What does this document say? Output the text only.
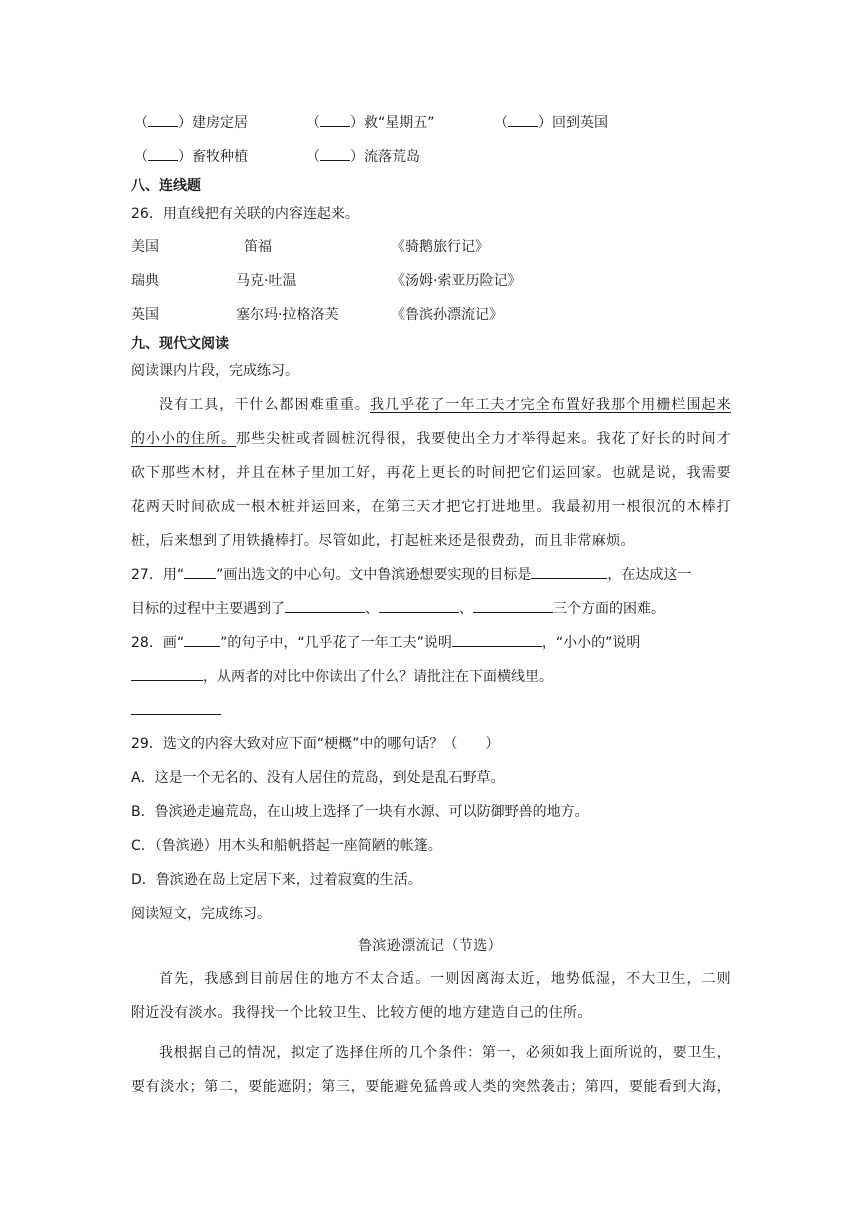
（ ）建房定居	（ ）救“星期五”	（ ）回到英国
（ ）畜牧种植	（ ）流落荒岛
八、连线题
26．用直线把有关联的内容连起来。
美国	笛福	《骑鹅旅行记》
瑞典	马克·吐温	《汤姆·索亚历险记》
英国	塞尔玛·拉格洛芙	《鲁滨孙漂流记》
九、现代文阅读
阅读课内片段，完成练习。
没有工具，干什么都困难重重。我几乎花了一年工夫才完全布置好我那个用栅栏围起来
的小小的住所。那些尖桩或者圆桩沉得很，我要使出全力才举得起来。我花了好长的时间才
砍下那些木材，并且在林子里加工好，再花上更长的时间把它们运回家。也就是说，我需要
花两天时间砍成一根木桩并运回来，在第三天才把它打进地里。我最初用一根很沉的木棒打
桩，后来想到了用铁撬棒打。尽管如此，打起桩来还是很费劲，而且非常麻烦。
27．用“ ”画出选文的中心句。文中鲁滨逊想要实现的目标是	，在达成这一
目标的过程中主要遇到了	、	、	三个方面的困难。
28．画“	”的句子中，“几乎花了一年工夫”说明	，“小小的”说明
，从两者的对比中你读出了什么？请批注在下面横线里。
29．选文的内容大致对应下面“梗概”中的哪句话？（　　）
A．这是一个无名的、没有人居住的荒岛，到处是乱石野草。
B．鲁滨逊走遍荒岛，在山坡上选择了一块有水源、可以防御野兽的地方。
C．（鲁滨逊）用木头和船帆搭起一座简陋的帐篷。
D．鲁滨逊在岛上定居下来，过着寂寞的生活。
阅读短文，完成练习。
鲁滨逊漂流记（节选）
首先，我感到目前居住的地方不太合适。一则因离海太近，地势低湿，不大卫生，二则
附近没有淡水。我得找一个比较卫生、比较方便的地方建造自己的住所。
我根据自己的情况，拟定了选择住所的几个条件：第一，必须如我上面所说的，要卫生，
要有淡水；第二，要能遮阴；第三，要能避免猛兽或人类的突然袭击；第四，要能看到大海，
